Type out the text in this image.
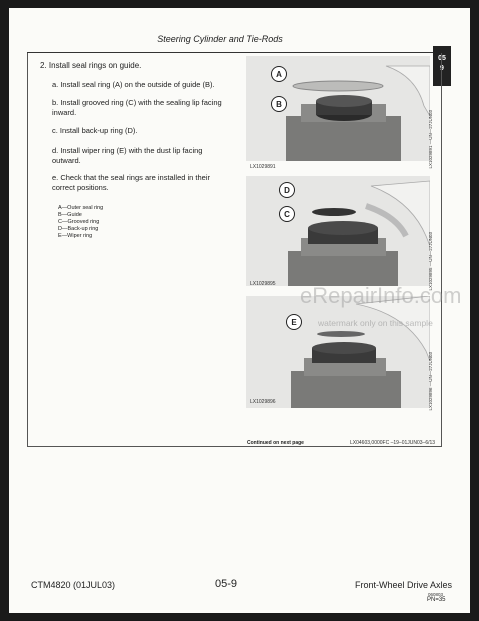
Steering Cylinder and Tie-Rods
05
9
2. Install seal rings on guide.
a. Install seal ring (A) on the outside of guide (B).
b. Install grooved ring (C) with the sealing lip facing inward.
c. Install back-up ring (D).
d. Install wiper ring (E) with the dust lip facing outward.
e. Check that the seal rings are installed in their correct positions.
A—Outer seal ring
B—Guide
C—Grooved ring
D—Back-up ring
E—Wiper ring
A
B
LX1029891	LX1029891 —UN—27JUN03
D
C
LX1029895	LX1029895 —UN—27JUN03
E
LX1029896	LX1029896 —UN—27JUN03
eRepairInfo.com
watermark only on this sample
Continued on next page	LX04603,0000FC –19–01JUN03–6/13
CTM4820 (01JUL03)	05-9	Front-Wheel Drive Axles
060803
PN=35
